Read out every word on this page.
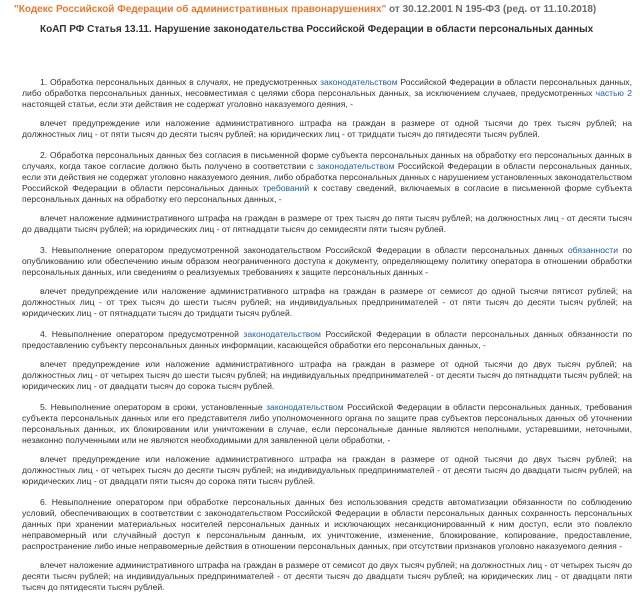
"Кодекс Российской Федерации об административных правонарушениях" от 30.12.2001 N 195-ФЗ (ред. от 11.10.2018)
КоАП РФ Статья 13.11. Нарушение законодательства Российской Федерации в области персональных данных

1. Обработка персональных данных в случаях, не предусмотренных законодательством Российской Федерации в области персональных данных, либо обработка персональных данных, несовместимая с целями сбора персональных данных, за исключением случаев, предусмотренных частью 2 настоящей статьи, если эти действия не содержат уголовно наказуемого деяния, -

влечет предупреждение или наложение административного штрафа на граждан в размере от одной тысячи до трех тысяч рублей; на должностных лиц - от пяти тысяч до десяти тысяч рублей; на юридических лиц - от тридцати тысяч до пятидесяти тысяч рублей.

2. Обработка персональных данных без согласия в письменной форме субъекта персональных данных на обработку его персональных данных в случаях, когда такое согласие должно быть получено в соответствии с законодательством Российской Федерации в области персональных данных, если эти действия не содержат уголовно наказуемого деяния, либо обработка персональных данных с нарушением установленных законодательством Российской Федерации в области персональных данных требований к составу сведений, включаемых в согласие в письменной форме субъекта персональных данных на обработку его персональных данных, -

влечет наложение административного штрафа на граждан в размере от трех тысяч до пяти тысяч рублей; на должностных лиц - от десяти тысяч до двадцати тысяч рублей; на юридических лиц - от пятнадцати тысяч до семидесяти пяти тысяч рублей.

3. Невыполнение оператором предусмотренной законодательством Российской Федерации в области персональных данных обязанности по опубликованию или обеспечению иным образом неограниченного доступа к документу, определяющему политику оператора в отношении обработки персональных данных, или сведениям о реализуемых требованиях к защите персональных данных -

влечет предупреждение или наложение административного штрафа на граждан в размере от семисот до одной тысячи пятисот рублей; на должностных лиц - от трех тысяч до шести тысяч рублей; на индивидуальных предпринимателей - от пяти тысяч до десяти тысяч рублей; на юридических лиц - от пятнадцати тысяч до тридцати тысяч рублей.

4. Невыполнение оператором предусмотренной законодательством Российской Федерации в области персональных данных обязанности по предоставлению субъекту персональных данных информации, касающейся обработки его персональных данных, -

влечет предупреждение или наложение административного штрафа на граждан в размере от одной тысячи до двух тысяч рублей; на должностных лиц - от четырех тысяч до шести тысяч рублей; на индивидуальных предпринимателей - от десяти тысяч до пятнадцати тысяч рублей; на юридических лиц - от двадцати тысяч до сорока тысяч рублей.

5. Невыполнение оператором в сроки, установленные законодательством Российской Федерации в области персональных данных, требования субъекта персональных данных или его представителя либо уполномоченного органа по защите прав субъектов персональных данных об уточнении персональных данных, их блокировании или уничтожении в случае, если персональные данные являются неполными, устаревшими, неточными, незаконно полученными или не являются необходимыми для заявленной цели обработки, -

влечет предупреждение или наложение административного штрафа на граждан в размере от одной тысячи до двух тысяч рублей; на должностных лиц - от четырех тысяч до десяти тысяч рублей; на индивидуальных предпринимателей - от десяти тысяч до двадцати тысяч рублей; на юридических лиц - от двадцати пяти тысяч до сорока пяти тысяч рублей.

6. Невыполнение оператором при обработке персональных данных без использования средств автоматизации обязанности по соблюдению условий, обеспечивающих в соответствии с законодательством Российской Федерации в области персональных данных сохранность персональных данных при хранении материальных носителей персональных данных и исключающих несанкционированный к ним доступ, если это повлекло неправомерный или случайный доступ к персональным данным, их уничтожение, изменение, блокирование, копирование, предоставление, распространение либо иные неправомерные действия в отношении персональных данных, при отсутствии признаков уголовно наказуемого деяния -

влечет наложение административного штрафа на граждан в размере от семисот до двух тысяч рублей; на должностных лиц - от четырех тысяч до десяти тысяч рублей; на индивидуальных предпринимателей - от десяти тысяч до двадцати тысяч рублей; на юридических лиц - от двадцати пяти тысяч до пятидесяти тысяч рублей.
